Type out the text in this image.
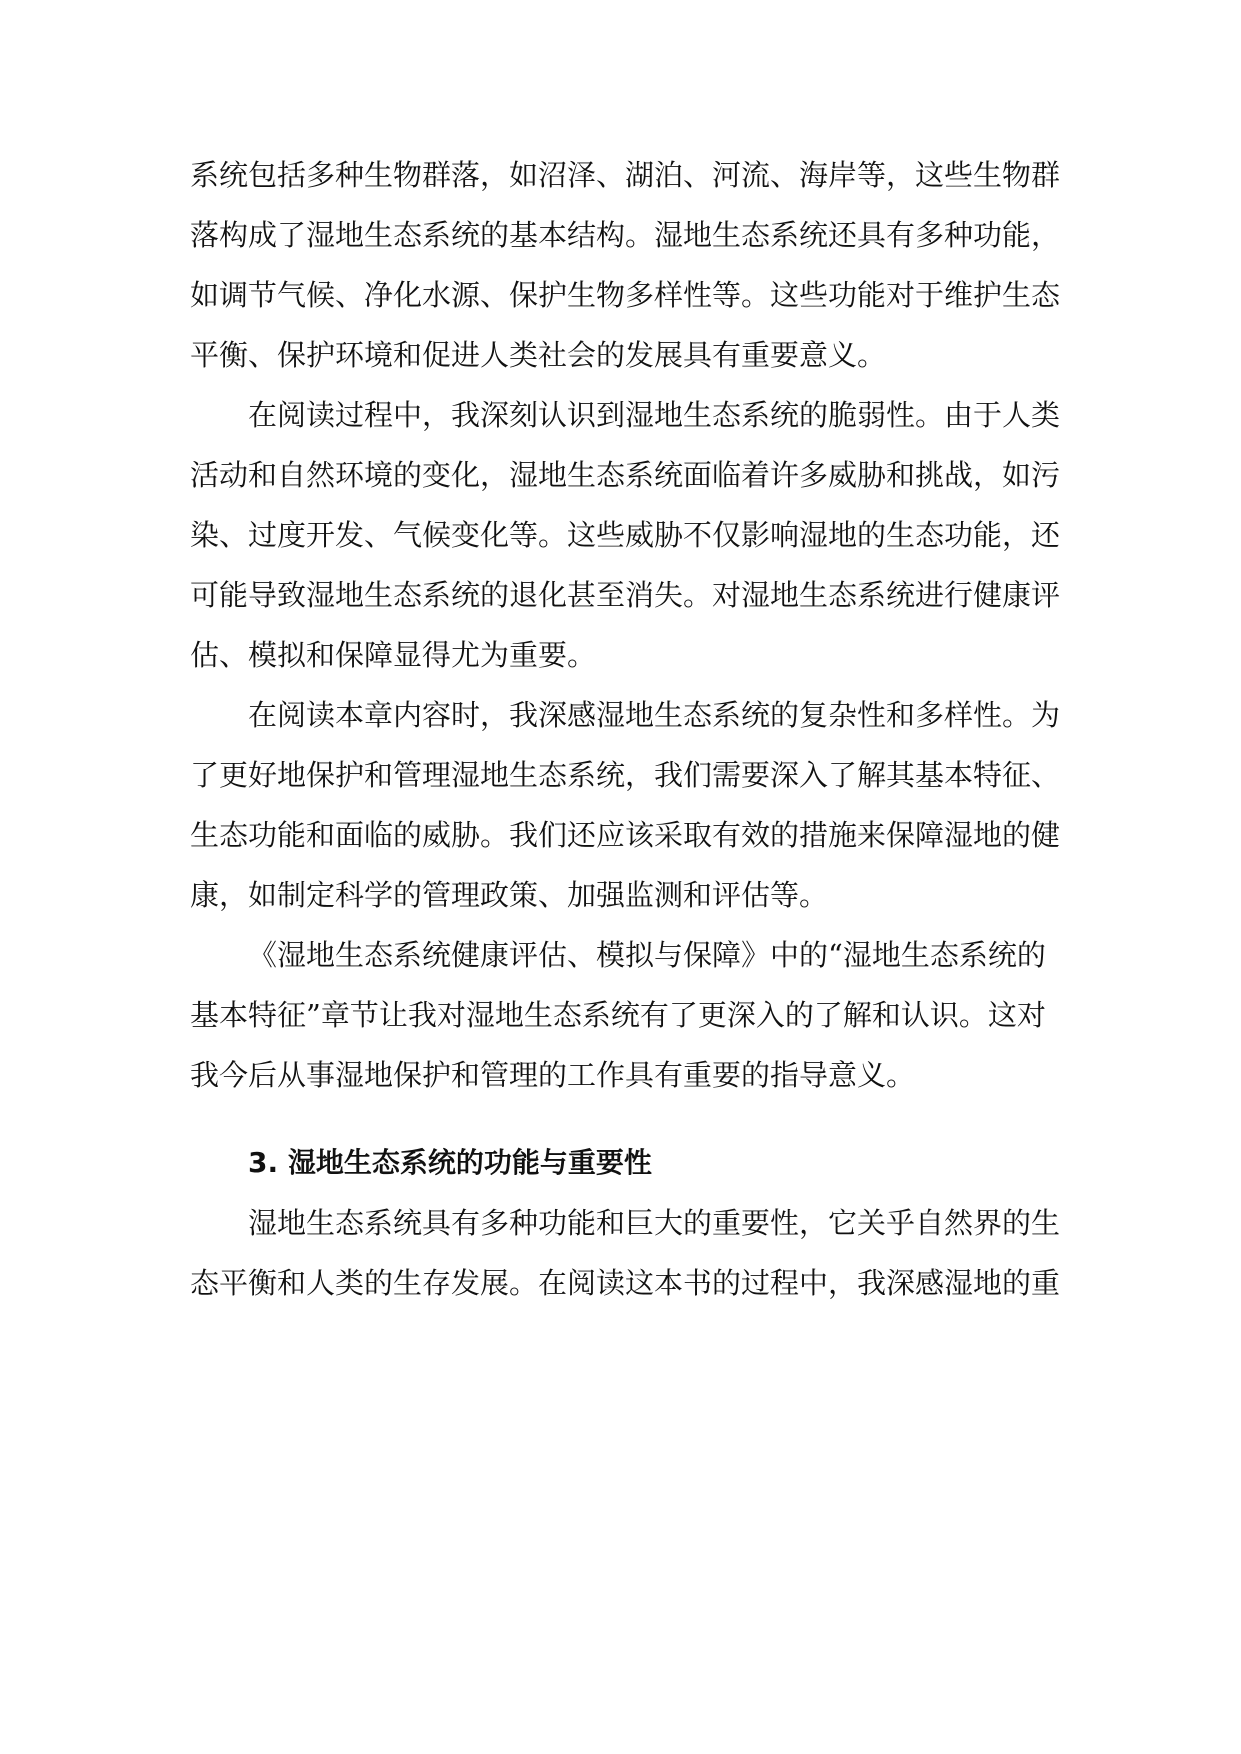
系统包括多种生物群落，如沼泽、湖泊、河流、海岸等，这些生物群
落构成了湿地生态系统的基本结构。湿地生态系统还具有多种功能，
如调节气候、净化水源、保护生物多样性等。这些功能对于维护生态
平衡、保护环境和促进人类社会的发展具有重要意义。
在阅读过程中，我深刻认识到湿地生态系统的脆弱性。由于人类
活动和自然环境的变化，湿地生态系统面临着许多威胁和挑战，如污
染、过度开发、气候变化等。这些威胁不仅影响湿地的生态功能，还
可能导致湿地生态系统的退化甚至消失。对湿地生态系统进行健康评
估、模拟和保障显得尤为重要。
在阅读本章内容时，我深感湿地生态系统的复杂性和多样性。为
了更好地保护和管理湿地生态系统，我们需要深入了解其基本特征、
生态功能和面临的威胁。我们还应该采取有效的措施来保障湿地的健
康，如制定科学的管理政策、加强监测和评估等。
《湿地生态系统健康评估、模拟与保障》中的“湿地生态系统的
基本特征”章节让我对湿地生态系统有了更深入的了解和认识。这对
我今后从事湿地保护和管理的工作具有重要的指导意义。
3. 湿地生态系统的功能与重要性
湿地生态系统具有多种功能和巨大的重要性，它关乎自然界的生
态平衡和人类的生存发展。在阅读这本书的过程中，我深感湿地的重
